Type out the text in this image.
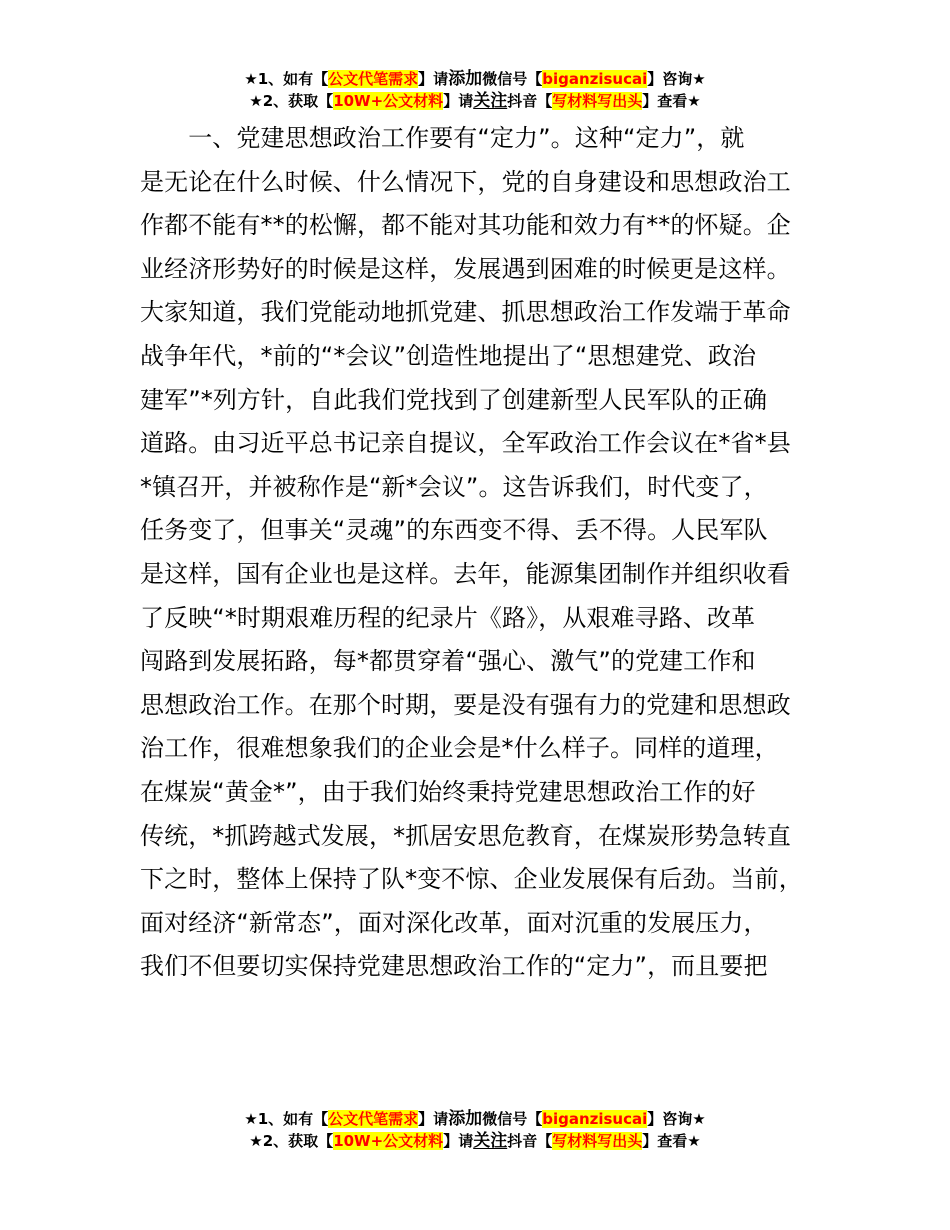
★1、如有【公文代笔需求】请添加微信号【biganzisucai】咨询★
★2、获取【10W+公文材料】请关注抖音【写材料写出头】查看★
　　一、党建思想政治工作要有“定力”。这种“定力”，就
是无论在什么时候、什么情况下，党的自身建设和思想政治工
作都不能有**的松懈，都不能对其功能和效力有**的怀疑。企
业经济形势好的时候是这样，发展遇到困难的时候更是这样。
大家知道，我们党能动地抓党建、抓思想政治工作发端于革命
战争年代，*前的“*会议”创造性地提出了“思想建党、政治
建军”*列方针，自此我们党找到了创建新型人民军队的正确
道路。由习近平总书记亲自提议，全军政治工作会议在*省*县
*镇召开，并被称作是“新*会议”。这告诉我们，时代变了，
任务变了，但事关“灵魂”的东西变不得、丢不得。人民军队
是这样，国有企业也是这样。去年，能源集团制作并组织收看
了反映“*时期艰难历程的纪录片《路》，从艰难寻路、改革
闯路到发展拓路，每*都贯穿着“强心、激气”的党建工作和
思想政治工作。在那个时期，要是没有强有力的党建和思想政
治工作，很难想象我们的企业会是*什么样子。同样的道理，
在煤炭“黄金*”，由于我们始终秉持党建思想政治工作的好
传统，*抓跨越式发展，*抓居安思危教育，在煤炭形势急转直
下之时，整体上保持了队*变不惊、企业发展保有后劲。当前，
面对经济“新常态”，面对深化改革，面对沉重的发展压力，
我们不但要切实保持党建思想政治工作的“定力”，而且要把
★1、如有【公文代笔需求】请添加微信号【biganzisucai】咨询★
★2、获取【10W+公文材料】请关注抖音【写材料写出头】查看★
